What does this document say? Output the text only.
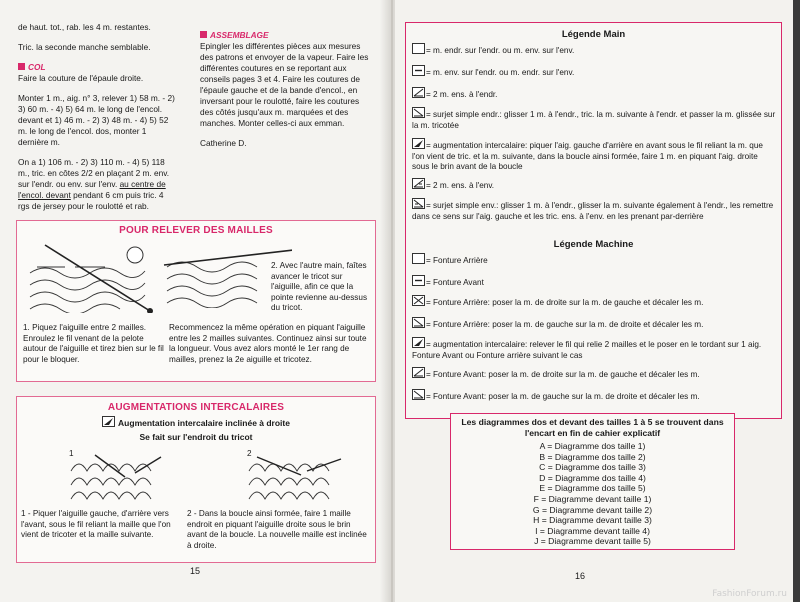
de haut. tot., rab. les 4 m. restantes.

Tric. la seconde manche semblable.

COL

Faire la couture de l'épaule droite.

Monter 1 m., aig. n° 3, relever 1) 58 m. - 2) 3) 60 m. - 4) 5) 64 m. le long de l'encol. devant et 1) 46 m. - 2) 3) 48 m. - 4) 5) 52 m. le long de l'encol. dos, monter 1 dernière m.

On a 1) 106 m. - 2) 3) 110 m. - 4) 5) 118 m., tric. en côtes 2/2 en plaçant 2 m. env. sur l'endr. ou env. sur l'env. au centre de l'encol. devant pendant 6 cm puis tric. 4 rgs de jersey pour le roulotté et rab.

ASSEMBLAGE

Epingler les différentes pièces aux mesures des patrons et envoyer de la vapeur. Faire les différentes coutures en se reportant aux conseils pages 3 et 4. Faire les coutures de l'épaule gauche et de la bande d'encol., en inversant pour le roulotté, faire les coutures des côtés jusqu'aux m. marquées et des manches. Monter celles-ci aux emman.

Catherine D.

POUR RELEVER DES MAILLES
2. Avec l'autre main, faîtes avancer le tricot sur l'aiguille, afin ce que la pointe revienne au-dessus du tricot.
1. Piquez l'aiguille entre 2 mailles. Enroulez le fil venant de la pelote autour de l'aiguille et tirez bien sur le fil pour le bloquer.
Recommencez la même opération en piquant l'aiguille entre les 2 mailles suivantes. Continuez ainsi sur toute la longueur. Vous avez alors monté le 1er rang de mailles, prenez la 2e aiguille et tricotez.
AUGMENTATIONS INTERCALAIRES
Augmentation intercalaire inclinée à droite
Se fait sur l'endroit du tricot
1	2
1 - Piquer l'aiguille gauche, d'arrière vers l'avant, sous le fil reliant la maille que l'on vient de tricoter et la maille suivante.
2 - Dans la boucle ainsi formée, faire 1 maille endroit en piquant l'aiguille droite sous le brin avant de la boucle. La nouvelle maille est inclinée à droite.
15
Légende Main
= m. endr. sur l'endr. ou m. env. sur l'env.
= m. env. sur l'endr. ou m. endr. sur l'env.
= 2 m. ens. à l'endr.
= surjet simple endr.: glisser 1 m. à l'endr., tric. la m. suivante à l'endr. et passer la m. glissée sur la m. tricotée
= augmentation intercalaire: piquer l'aig. gauche d'arrière en avant sous le fil reliant la m. que l'on vient de tric. et la m. suivante, dans la boucle ainsi formée, faire 1 m. en piquant l'aig. droite sous le brin avant de la boucle
= 2 m. ens. à l'env.
= surjet simple env.: glisser 1 m. à l'endr., glisser la m. suivante également à l'endr., les remettre dans ce sens sur l'aig. gauche et les tric. ens. à l'env. en les prenant par-derrière
Légende Machine
= Fonture Arrière
= Fonture Avant
= Fonture Arrière: poser la m. de droite sur la m. de gauche et décaler les m.
= Fonture Arrière: poser la m. de gauche sur la m. de droite et décaler les m.
= augmentation intercalaire: relever le fil qui relie 2 mailles et le poser en le tordant sur 1 aig. Fonture Avant ou Fonture arrière suivant le cas
= Fonture Avant: poser la m. de droite sur la m. de gauche et décaler les m.
= Fonture Avant: poser la m. de gauche sur la m. de droite et décaler les m.
Les diagrammes dos et devant des tailles 1 à 5 se trouvent dans l'encart en fin de cahier explicatif
A = Diagramme dos taille 1)
B = Diagramme dos taille 2)
C = Diagramme dos taille 3)
D = Diagramme dos taille 4)
E = Diagramme dos taille 5)
F = Diagramme devant taille 1)
G = Diagramme devant taille 2)
H = Diagramme devant taille 3)
I = Diagramme devant taille 4)
J = Diagramme devant taille 5)
16
FashionForum.ru
